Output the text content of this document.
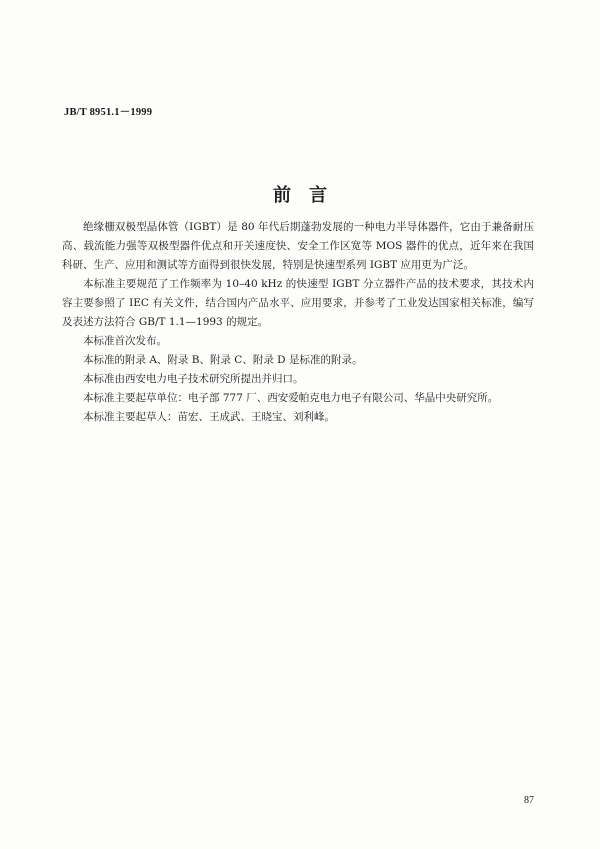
JB/T 8951.1－1999
前言

绝缘栅双极型晶体管（IGBT）是 80 年代后期蓬勃发展的一种电力半导体器件，它由于兼备耐压高、载流能力强等双极型器件优点和开关速度快、安全工作区宽等 MOS 器件的优点，近年来在我国科研、生产、应用和测试等方面得到很快发展，特别是快速型系列 IGBT 应用更为广泛。

本标准主要规范了工作频率为 10–40 kHz 的快速型 IGBT 分立器件产品的技术要求，其技术内容主要参照了 IEC 有关文件，结合国内产品水平、应用要求，并参考了工业发达国家相关标准，编写及表述方法符合 GB/T 1.1—1993 的规定。

本标准首次发布。

本标准的附录 A、附录 B、附录 C、附录 D 是标准的附录。

本标准由西安电力电子技术研究所提出并归口。

本标准主要起草单位：电子部 777 厂、西安爱帕克电力电子有限公司、华晶中央研究所。

本标准主要起草人：苗宏、王成武、王晓宝、刘利峰。

87
